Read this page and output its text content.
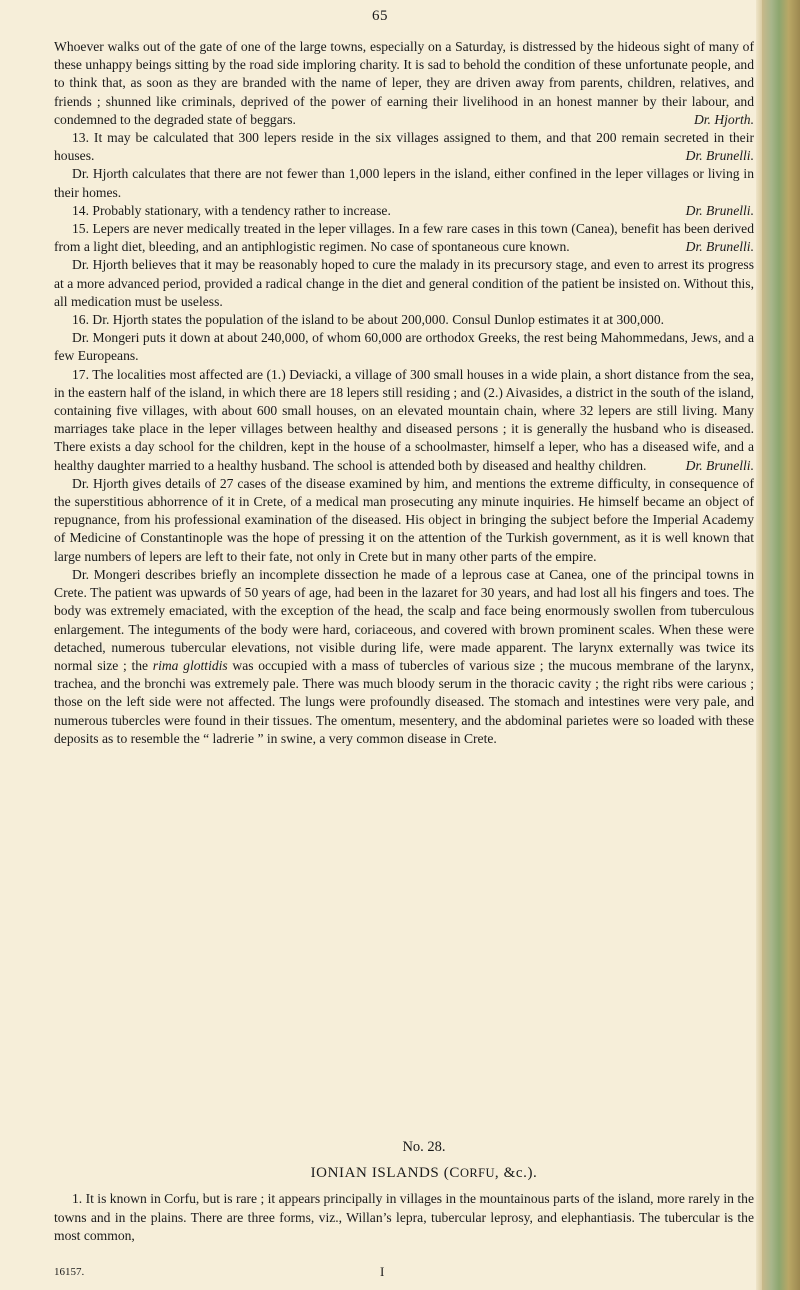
65

Whoever walks out of the gate of one of the large towns, especially on a Saturday, is distressed by the hideous sight of many of these unhappy beings sitting by the road side imploring charity. It is sad to behold the condition of these unfortunate people, and to think that, as soon as they are branded with the name of leper, they are driven away from parents, children, relatives, and friends ; shunned like criminals, deprived of the power of earning their livelihood in an honest manner by their labour, and condemned to the degraded state of beggars.	Dr. Hjorth.

13. It may be calculated that 300 lepers reside in the six villages assigned to them, and that 200 remain secreted in their houses.	Dr. Brunelli.

Dr. Hjorth calculates that there are not fewer than 1,000 lepers in the island, either confined in the leper villages or living in their homes.

14. Probably stationary, with a tendency rather to increase.	Dr. Brunelli.

15. Lepers are never medically treated in the leper villages. In a few rare cases in this town (Canea), benefit has been derived from a light diet, bleeding, and an antiphlogistic regimen. No case of spontaneous cure known.	Dr. Brunelli.

Dr. Hjorth believes that it may be reasonably hoped to cure the malady in its precursory stage, and even to arrest its progress at a more advanced period, provided a radical change in the diet and general condition of the patient be insisted on. Without this, all medication must be useless.

16. Dr. Hjorth states the population of the island to be about 200,000. Consul Dunlop estimates it at 300,000.

Dr. Mongeri puts it down at about 240,000, of whom 60,000 are orthodox Greeks, the rest being Mahommedans, Jews, and a few Europeans.

17. The localities most affected are (1.) Deviacki, a village of 300 small houses in a wide plain, a short distance from the sea, in the eastern half of the island, in which there are 18 lepers still residing ; and (2.) Aivasides, a district in the south of the island, containing five villages, with about 600 small houses, on an elevated mountain chain, where 32 lepers are still living. Many marriages take place in the leper villages between healthy and diseased persons ; it is generally the husband who is diseased. There exists a day school for the children, kept in the house of a schoolmaster, himself a leper, who has a diseased wife, and a healthy daughter married to a healthy husband. The school is attended both by diseased and healthy children.	Dr. Brunelli.

Dr. Hjorth gives details of 27 cases of the disease examined by him, and mentions the extreme difficulty, in consequence of the superstitious abhorrence of it in Crete, of a medical man prosecuting any minute inquiries. He himself became an object of repugnance, from his professional examination of the diseased. His object in bringing the subject before the Imperial Academy of Medicine of Constantinople was the hope of pressing it on the attention of the Turkish government, as it is well known that large numbers of lepers are left to their fate, not only in Crete but in many other parts of the empire.

Dr. Mongeri describes briefly an incomplete dissection he made of a leprous case at Canea, one of the principal towns in Crete. The patient was upwards of 50 years of age, had been in the lazaret for 30 years, and had lost all his fingers and toes. The body was extremely emaciated, with the exception of the head, the scalp and face being enormously swollen from tuberculous enlargement. The integuments of the body were hard, coriaceous, and covered with brown prominent scales. When these were detached, numerous tubercular elevations, not visible during life, were made apparent. The larynx externally was twice its normal size ; the rima glottidis was occupied with a mass of tubercles of various size ; the mucous membrane of the larynx, trachea, and the bronchi was extremely pale. There was much bloody serum in the thoracic cavity ; the right ribs were carious ; those on the left side were not affected. The lungs were profoundly diseased. The stomach and intestines were very pale, and numerous tubercles were found in their tissues. The omentum, mesentery, and the abdominal parietes were so loaded with these deposits as to resemble the “ ladrerie ” in swine, a very common disease in Crete.

No. 28.
IONIAN ISLANDS (CORFU, &c.).
1. It is known in Corfu, but is rare ; it appears principally in villages in the mountainous parts of the island, more rarely in the towns and in the plains. There are three forms, viz., Willan’s lepra, tubercular leprosy, and elephantiasis. The tubercular is the most common,
16157.	I
